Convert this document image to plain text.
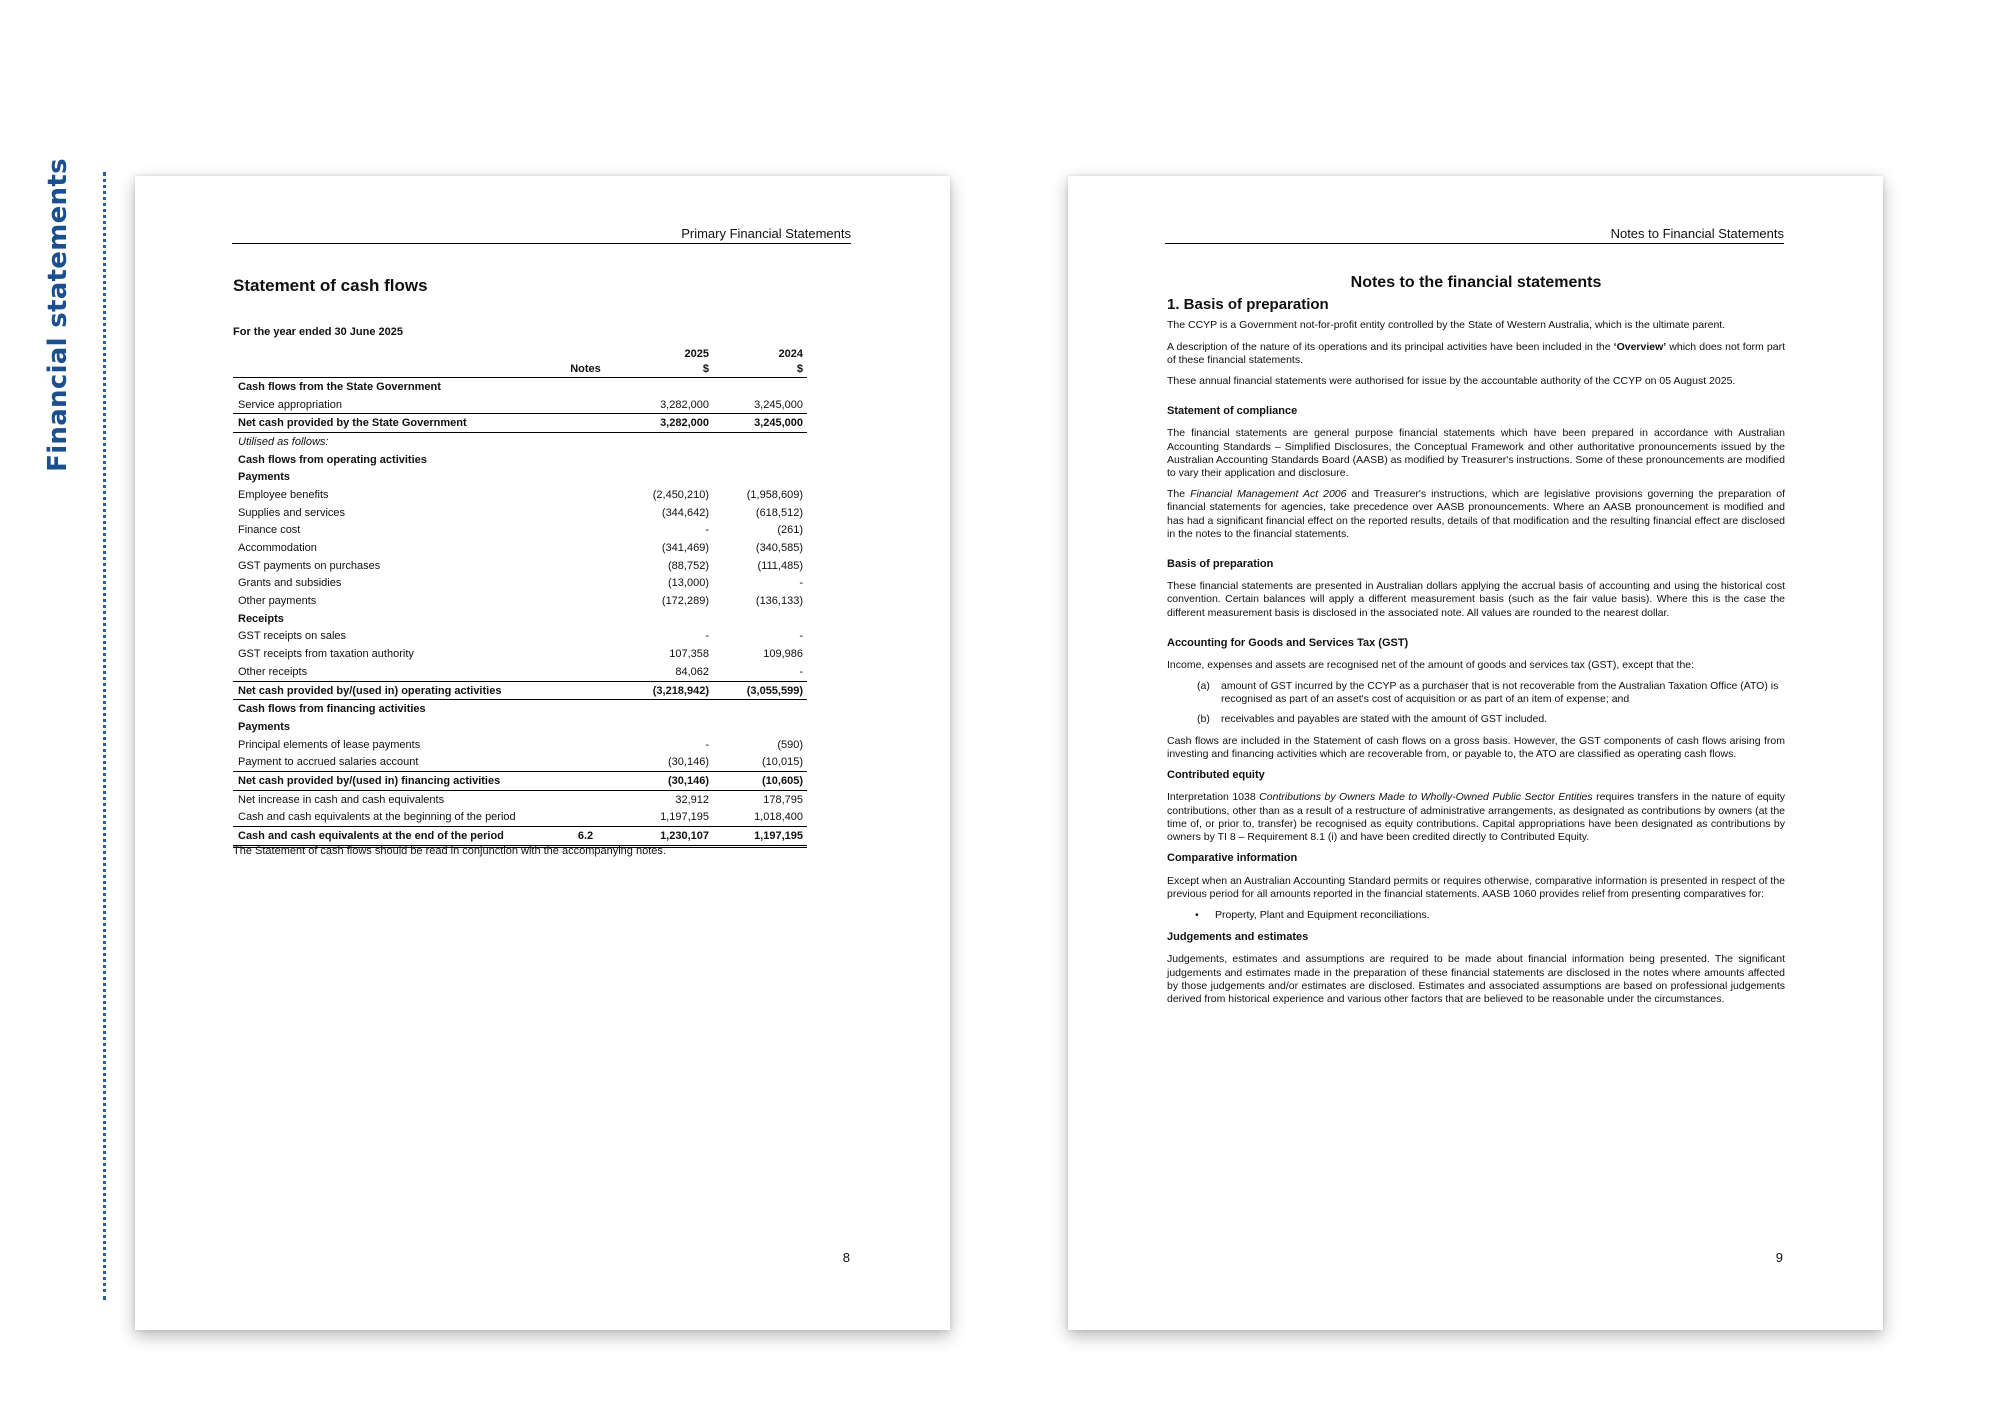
Financial statements	Primary Financial Statements
Statement of cash flows
For the year ended 30 June 2025
		2025	2024
	Notes	$	$
Cash flows from the State Government			
Service appropriation		3,282,000	3,245,000
Net cash provided by the State Government		3,282,000	3,245,000
Utilised as follows:			
Cash flows from operating activities			
Payments			
Employee benefits		(2,450,210)	(1,958,609)
Supplies and services		(344,642)	(618,512)
Finance cost		-	(261)
Accommodation		(341,469)	(340,585)
GST payments on purchases		(88,752)	(111,485)
Grants and subsidies		(13,000)	-
Other payments		(172,289)	(136,133)
Receipts			
GST receipts on sales		-	-
GST receipts from taxation authority		107,358	109,986
Other receipts		84,062	-
Net cash provided by/(used in) operating activities		(3,218,942)	(3,055,599)
Cash flows from financing activities			
Payments			
Principal elements of lease payments		-	(590)
Payment to accrued salaries account		(30,146)	(10,015)
Net cash provided by/(used in) financing activities		(30,146)	(10,605)
Net increase in cash and cash equivalents		32,912	178,795
Cash and cash equivalents at the beginning of the period		1,197,195	1,018,400
Cash and cash equivalents at the end of the period	6.2	1,230,107	1,197,195
The Statement of cash flows should be read in conjunction with the accompanying notes.
8
Notes to Financial Statements
Notes to the financial statements
1. Basis of preparation

The CCYP is a Government not-for-profit entity controlled by the State of Western Australia, which is the ultimate parent.

A description of the nature of its operations and its principal activities have been included in the ‘Overview’ which does not form part of these financial statements.

These annual financial statements were authorised for issue by the accountable authority of the CCYP on 05 August 2025.

Statement of compliance

The financial statements are general purpose financial statements which have been prepared in accordance with Australian Accounting Standards – Simplified Disclosures, the Conceptual Framework and other authoritative pronouncements issued by the Australian Accounting Standards Board (AASB) as modified by Treasurer's instructions. Some of these pronouncements are modified to vary their application and disclosure.

The Financial Management Act 2006 and Treasurer's instructions, which are legislative provisions governing the preparation of financial statements for agencies, take precedence over AASB pronouncements. Where an AASB pronouncement is modified and has had a significant financial effect on the reported results, details of that modification and the resulting financial effect are disclosed in the notes to the financial statements.

Basis of preparation

These financial statements are presented in Australian dollars applying the accrual basis of accounting and using the historical cost convention. Certain balances will apply a different measurement basis (such as the fair value basis). Where this is the case the different measurement basis is disclosed in the associated note. All values are rounded to the nearest dollar.

Accounting for Goods and Services Tax (GST)

Income, expenses and assets are recognised net of the amount of goods and services tax (GST), except that the:

(a)	amount of GST incurred by the CCYP as a purchaser that is not recoverable from the Australian Taxation Office (ATO) is recognised as part of an asset's cost of acquisition or as part of an item of expense; and
(b)	receivables and payables are stated with the amount of GST included.

Cash flows are included in the Statement of cash flows on a gross basis. However, the GST components of cash flows arising from investing and financing activities which are recoverable from, or payable to, the ATO are classified as operating cash flows.

Contributed equity

Interpretation 1038 Contributions by Owners Made to Wholly-Owned Public Sector Entities requires transfers in the nature of equity contributions, other than as a result of a restructure of administrative arrangements, as designated as contributions by owners (at the time of, or prior to, transfer) be recognised as equity contributions. Capital appropriations have been designated as contributions by owners by TI 8 – Requirement 8.1 (i) and have been credited directly to Contributed Equity.

Comparative information

Except when an Australian Accounting Standard permits or requires otherwise, comparative information is presented in respect of the previous period for all amounts reported in the financial statements. AASB 1060 provides relief from presenting comparatives for:

•	Property, Plant and Equipment reconciliations.
Judgements and estimates

Judgements, estimates and assumptions are required to be made about financial information being presented. The significant judgements and estimates made in the preparation of these financial statements are disclosed in the notes where amounts affected by those judgements and/or estimates are disclosed. Estimates and associated assumptions are based on professional judgements derived from historical experience and various other factors that are believed to be reasonable under the circumstances.

9
